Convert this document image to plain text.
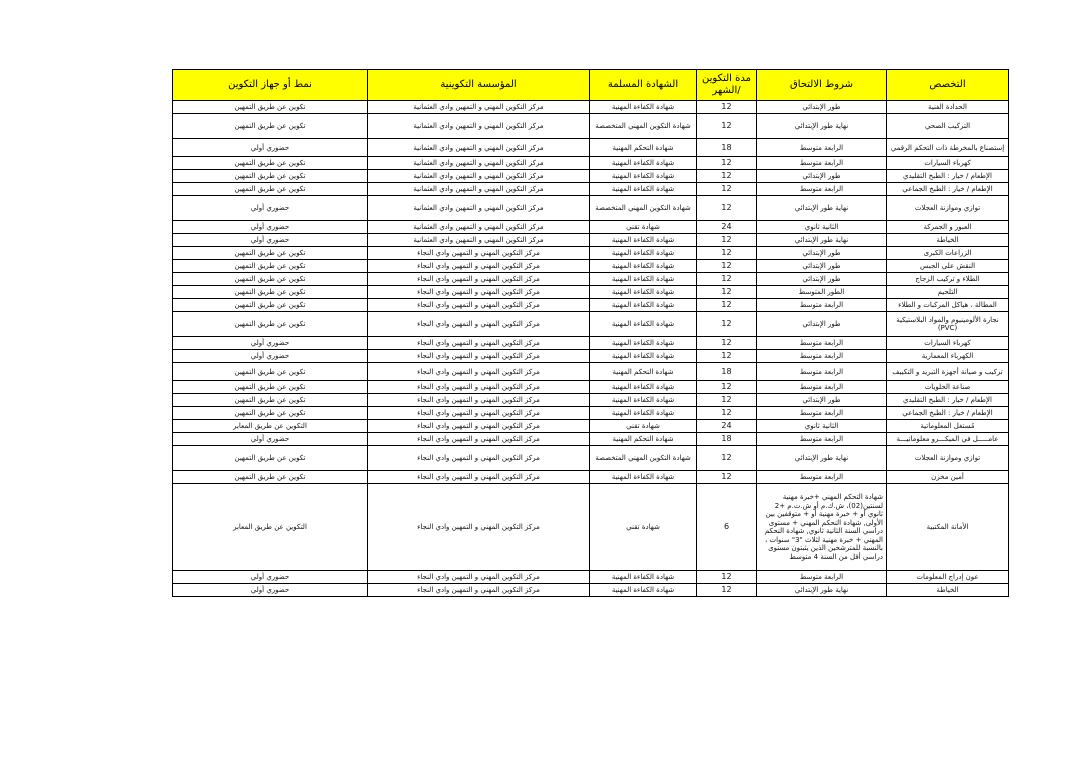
التخصص	شروط الالتحاق	مدة التكوين /الشهر	الشهادة المسلمة	المؤسسة التكوينية	نمط أو جهاز التكوين
الحدادة الفنية	طور الإبتدائي	12	شهادة الكفاءة المهنية	مركز التكوين المهني و التمهين وادي العثمانية	تكوين عن طريق التمهين
التركيب الصحي	نهاية طور الإبتدائي	12	شهادة التكوين المهني المتخصصة	مركز التكوين المهني و التمهين وادي العثمانية	تكوين عن طريق التمهين
إستصناع بالمخرطة ذات التحكم الرقمي	الرابعة متوسط	18	شهادة التحكم المهنية	مركز التكوين المهني و التمهين وادي العثمانية	حضوري أولي
كهرباء السيارات	الرابعة متوسط	12	شهادة الكفاءة المهنية	مركز التكوين المهني و التمهين وادي العثمانية	تكوين عن طريق التمهين
الإطعام / خيار : الطبخ التقليدي	طور الإبتدائي	12	شهادة الكفاءة المهنية	مركز التكوين المهني و التمهين وادي العثمانية	تكوين عن طريق التمهين
الإطعام / خيار : الطبخ الجماعي	الرابعة متوسط	12	شهادة الكفاءة المهنية	مركز التكوين المهني و التمهين وادي العثمانية	تكوين عن طريق التمهين
توازي وموازنة العجلات	نهاية طور الإبتدائي	12	شهادة التكوين المهني المتخصصة	مركز التكوين المهني و التمهين وادي العثمانية	حضوري أولي
العبور و الجمركة	الثانية ثانوي	24	شهادة تقني	مركز التكوين المهني و التمهين وادي العثمانية	حضوري أولي
الخياطة	نهاية طور الإبتدائي	12	شهادة الكفاءة المهنية	مركز التكوين المهني و التمهين وادي العثمانية	حضوري أولي
الزراعات الكبرى	طور الإبتدائي	12	شهادة الكفاءة المهنية	مركز التكوين المهني و التمهين وادي النجاء	تكوين عن طريق التمهين
النقش على الجبس	طور الإبتدائي	12	شهادة الكفاءة المهنية	مركز التكوين المهني و التمهين وادي النجاء	تكوين عن طريق التمهين
الطلاء و تركيب الزجاج	طور الإبتدائي	12	شهادة الكفاءة المهنية	مركز التكوين المهني و التمهين وادي النجاء	تكوين عن طريق التمهين
التلحيم	الطور المتوسط	12	شهادة الكفاءة المهنية	مركز التكوين المهني و التمهين وادي النجاء	تكوين عن طريق التمهين
المطالة ، هياكل المركبات و الطلاء	الرابعة متوسط	12	شهادة الكفاءة المهنية	مركز التكوين المهني و التمهين وادي النجاء	تكوين عن طريق التمهين
نجارة الألومينيوم والمواد البلاستيكية (PVC)	طور الإبتدائي	12	شهادة الكفاءة المهنية	مركز التكوين المهني و التمهين وادي النجاء	تكوين عن طريق التمهين
كهرباء السيارات	الرابعة متوسط	12	شهادة الكفاءة المهنية	مركز التكوين المهني و التمهين وادي النجاء	حضوري أولي
الكهرباء المعمارية	الرابعة متوسط	12	شهادة الكفاءة المهنية	مركز التكوين المهني و التمهين وادي النجاء	حضوري أولي
تركيب و صيانة أجهزة التبريد و التكييف	الرابعة متوسط	18	شهادة التحكم المهنية	مركز التكوين المهني و التمهين وادي النجاء	تكوين عن طريق التمهين
صناعة الحلويات	الرابعة متوسط	12	شهادة الكفاءة المهنية	مركز التكوين المهني و التمهين وادي النجاء	تكوين عن طريق التمهين
الإطعام / خيار : الطبخ التقليدي	طور الإبتدائي	12	شهادة الكفاءة المهنية	مركز التكوين المهني و التمهين وادي النجاء	تكوين عن طريق التمهين
الإطعام / خيار : الطبخ الجماعي	الرابعة متوسط	12	شهادة الكفاءة المهنية	مركز التكوين المهني و التمهين وادي النجاء	تكوين عن طريق التمهين
مُستغل المعلوماتية	الثانية ثانوي	24	شهادة تقني	مركز التكوين المهني و التمهين وادي النجاء	التكوين عن طريق المعابر
عامـــــل في الميكـــرو معلوماتيـــة	الرابعة متوسط	18	شهادة التحكم المهنية	مركز التكوين المهني و التمهين وادي النجاء	حضوري أولي
توازي وموازنة العجلات	نهاية طور الإبتدائي	12	شهادة التكوين المهني المتخصصة	مركز التكوين المهني و التمهين وادي النجاء	تكوين عن طريق التمهين
أمين مخزن	الرابعة متوسط	12	شهادة الكفاءة المهنية	مركز التكوين المهني و التمهين وادي النجاء	تكوين عن طريق التمهين
الأمانة المكتبية	شهادة التحكم المهني +خبرة مهنية لسنتين(02)، ش.ك.م أو ش.ت.م +2 ثانوي أو + خبرة مهنية أو + متوقفين بين الأولى, شهادة التحكم المهني + مستوى دراسي السنة الثانية ثانوي, شهادة التحكم المهني + خبرة مهنية لثلاث "3" سنوات ، بالنسبة للمترشحين الذين يثبتون مستوى دراسي أقل من السنة 4 متوسط	6	شهادة تقني	مركز التكوين المهني و التمهين وادي النجاء	التكوين عن طريق المعابر
عون إدراج المعلومات	الرابعة متوسط	12	شهادة الكفاءة المهنية	مركز التكوين المهني و التمهين وادي النجاء	حضوري أولي
الخياطة	نهاية طور الإبتدائي	12	شهادة الكفاءة المهنية	مركز التكوين المهني و التمهين وادي النجاء	حضوري أولي
